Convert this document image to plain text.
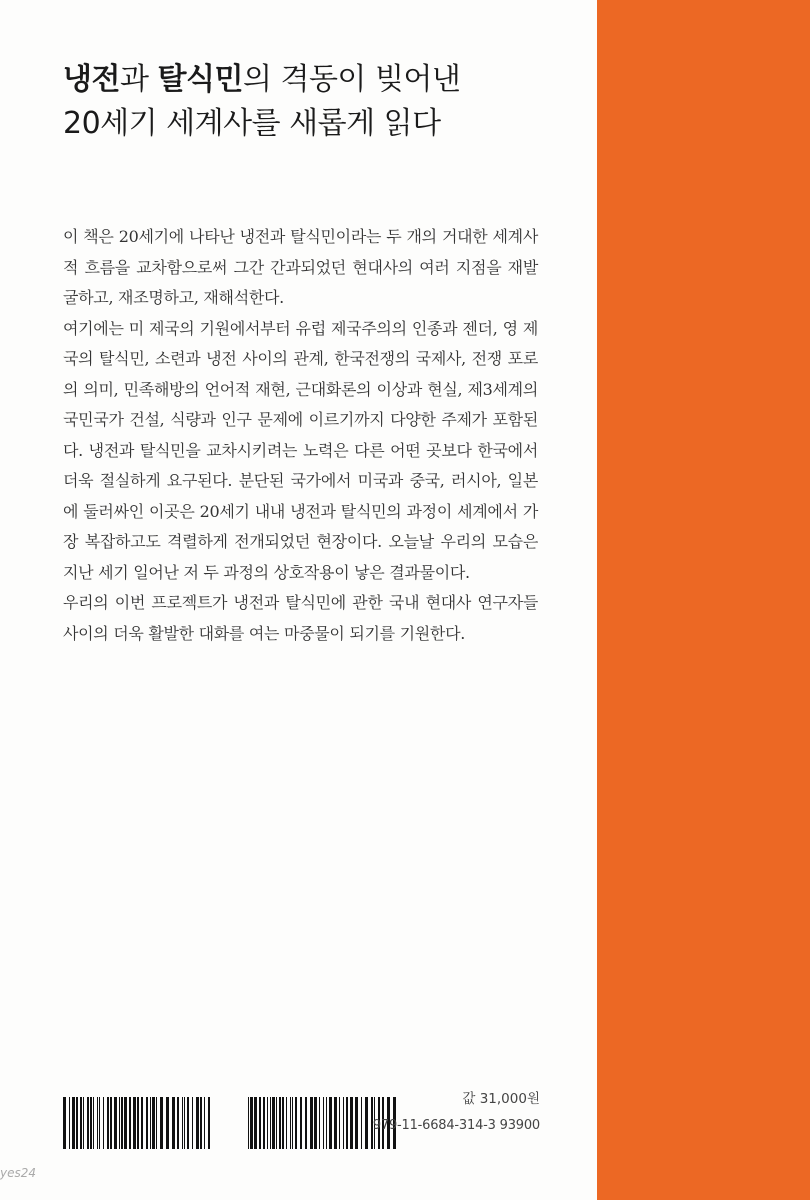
냉전과 탈식민의 격동이 빚어낸
20세기 세계사를 새롭게 읽다

이 책은 20세기에 나타난 냉전과 탈식민이라는 두 개의 거대한 세계사적 흐름을 교차함으로써 그간 간과되었던 현대사의 여러 지점을 재발굴하고, 재조명하고, 재해석한다.

여기에는 미 제국의 기원에서부터 유럽 제국주의의 인종과 젠더, 영 제국의 탈식민, 소련과 냉전 사이의 관계, 한국전쟁의 국제사, 전쟁 포로의 의미, 민족해방의 언어적 재현, 근대화론의 이상과 현실, 제3세계의 국민국가 건설, 식량과 인구 문제에 이르기까지 다양한 주제가 포함된다. 냉전과 탈식민을 교차시키려는 노력은 다른 어떤 곳보다 한국에서 더욱 절실하게 요구된다. 분단된 국가에서 미국과 중국, 러시아, 일본에 둘러싸인 이곳은 20세기 내내 냉전과 탈식민의 과정이 세계에서 가장 복잡하고도 격렬하게 전개되었던 현장이다. 오늘날 우리의 모습은 지난 세기 일어난 저 두 과정의 상호작용이 낳은 결과물이다.

우리의 이번 프로젝트가 냉전과 탈식민에 관한 국내 현대사 연구자들 사이의 더욱 활발한 대화를 여는 마중물이 되기를 기원한다.

값 31,000원
979-11-6684-314-3 93900
yes24
